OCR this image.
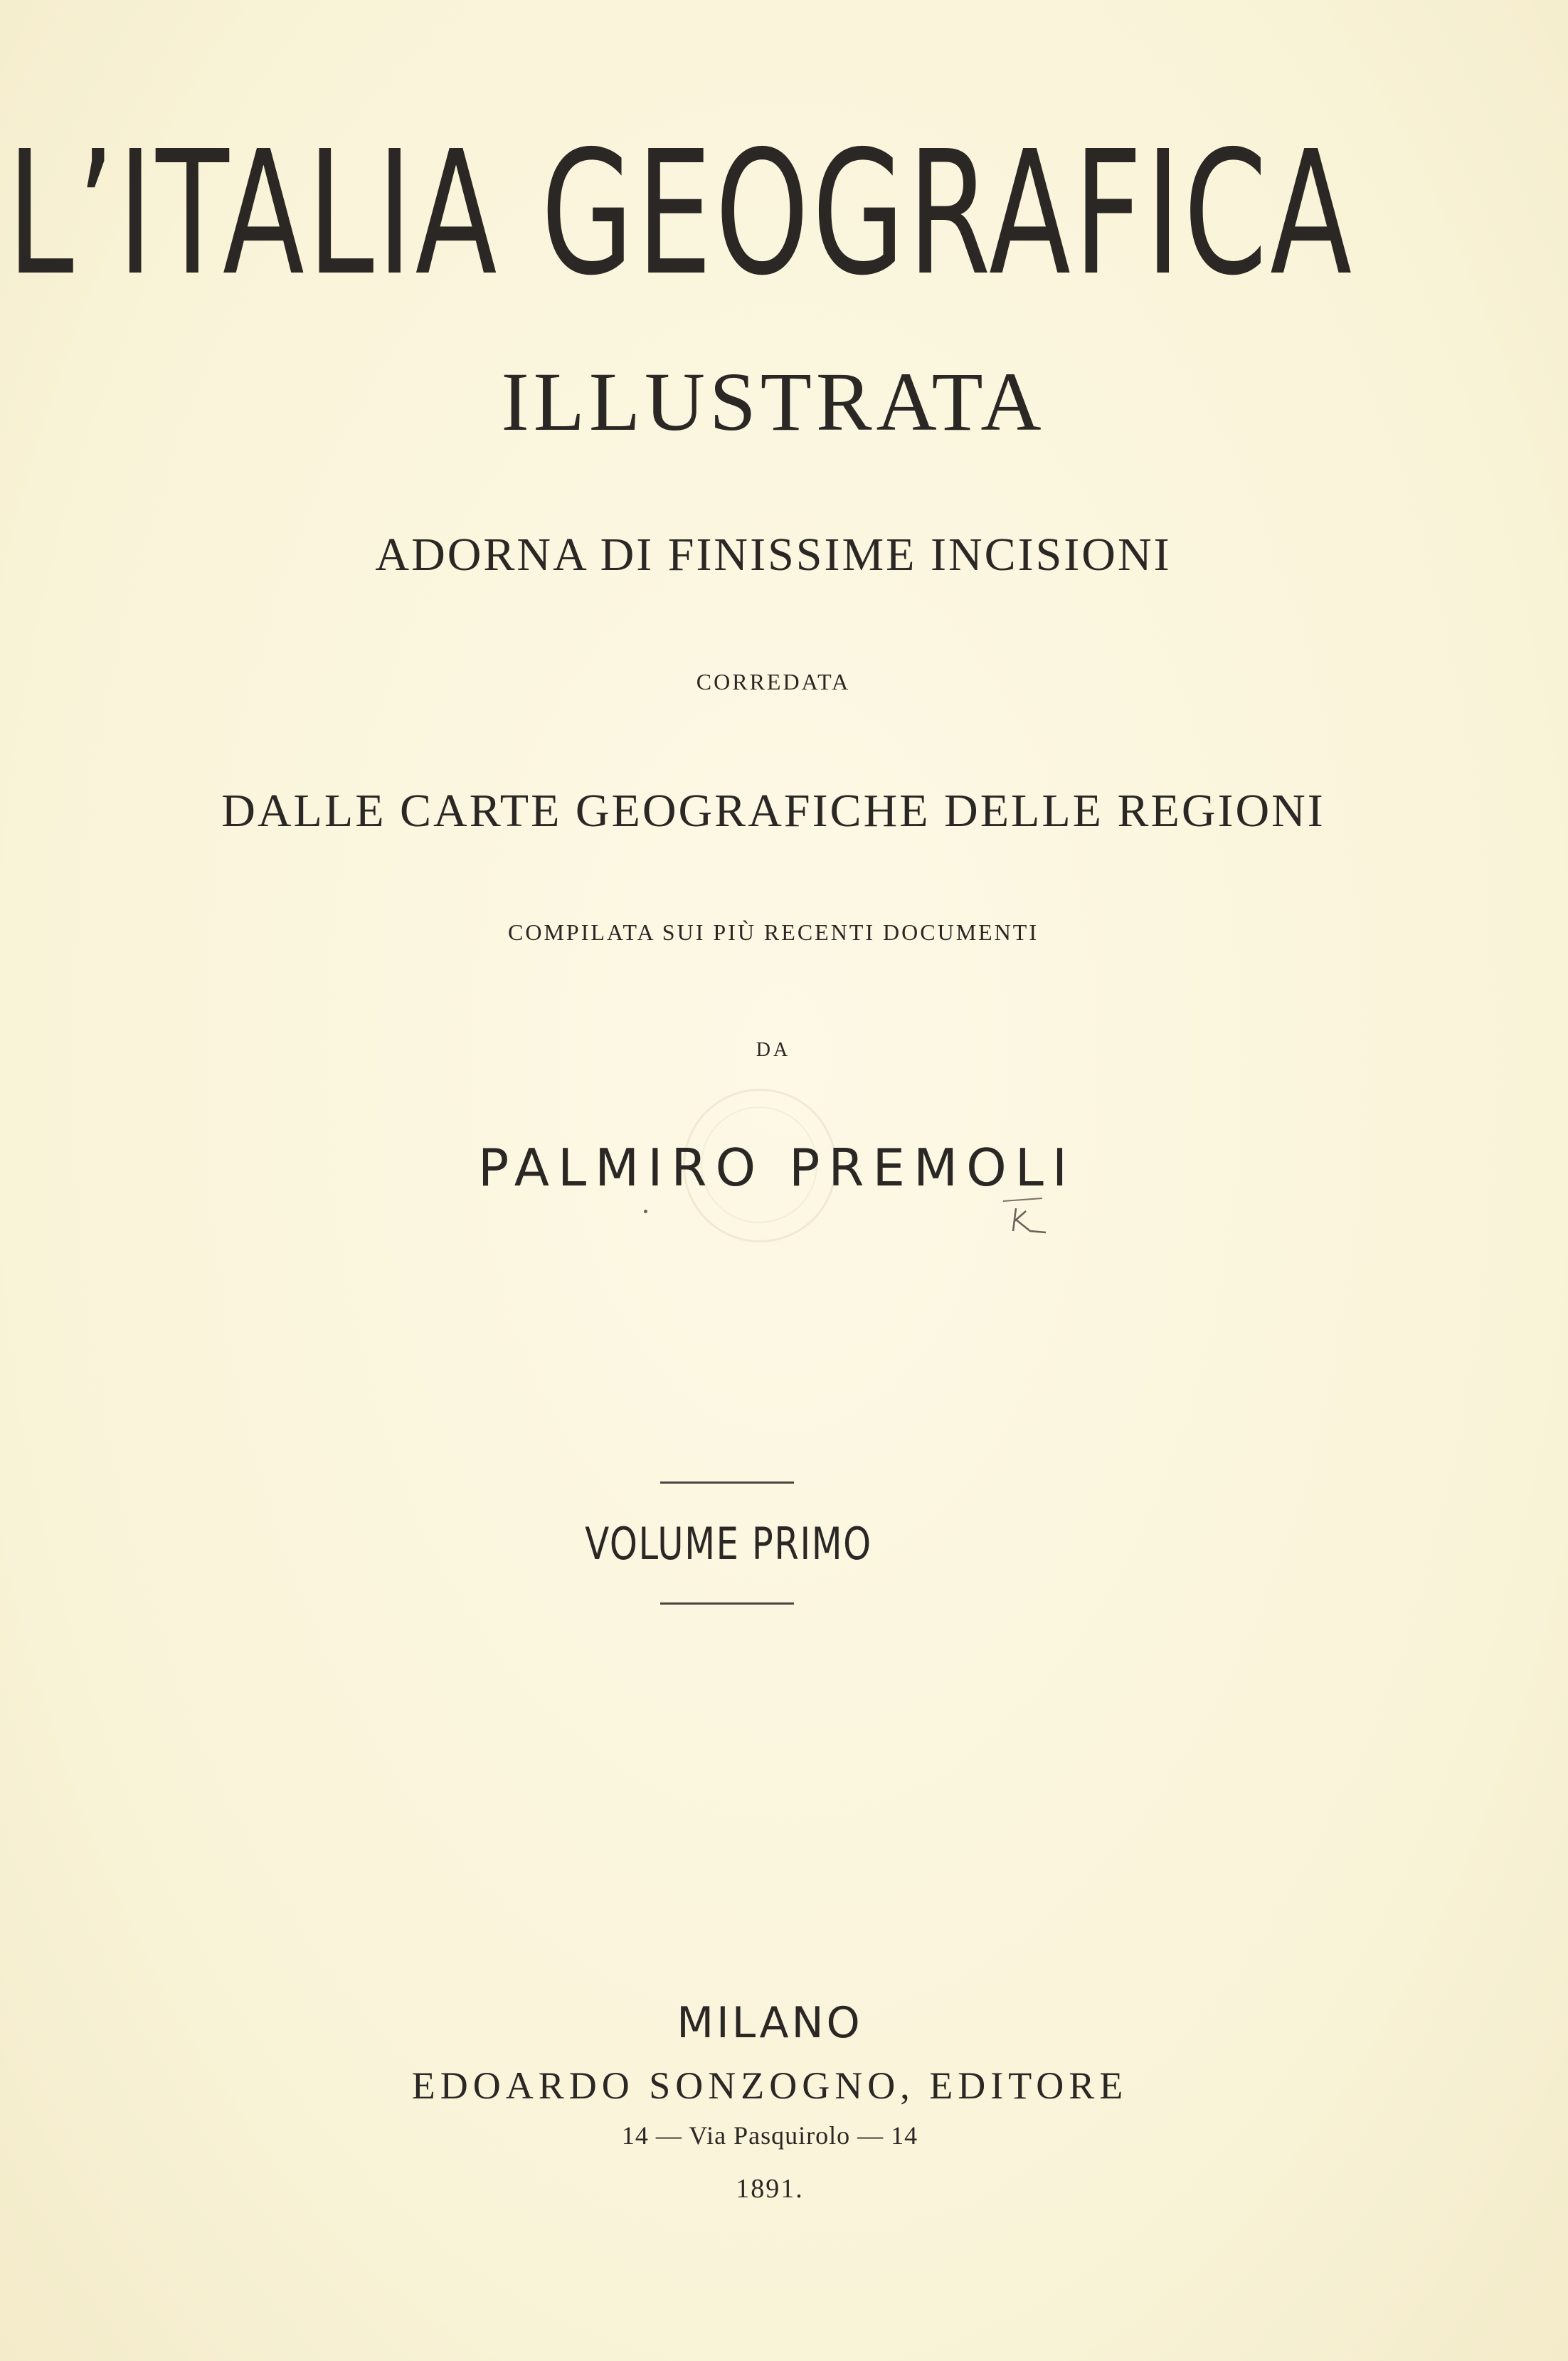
L’ITALIA GEOGRAFICA
ILLUSTRATA
ADORNA DI FINISSIME INCISIONI
CORREDATA
DALLE CARTE GEOGRAFICHE DELLE REGIONI
COMPILATA SUI PIÙ RECENTI DOCUMENTI
DA
PALMIRO PREMOLI
VOLUME PRIMO
MILANO
EDOARDO SONZOGNO, EDITORE
14 — Via Pasquirolo — 14
1891.
